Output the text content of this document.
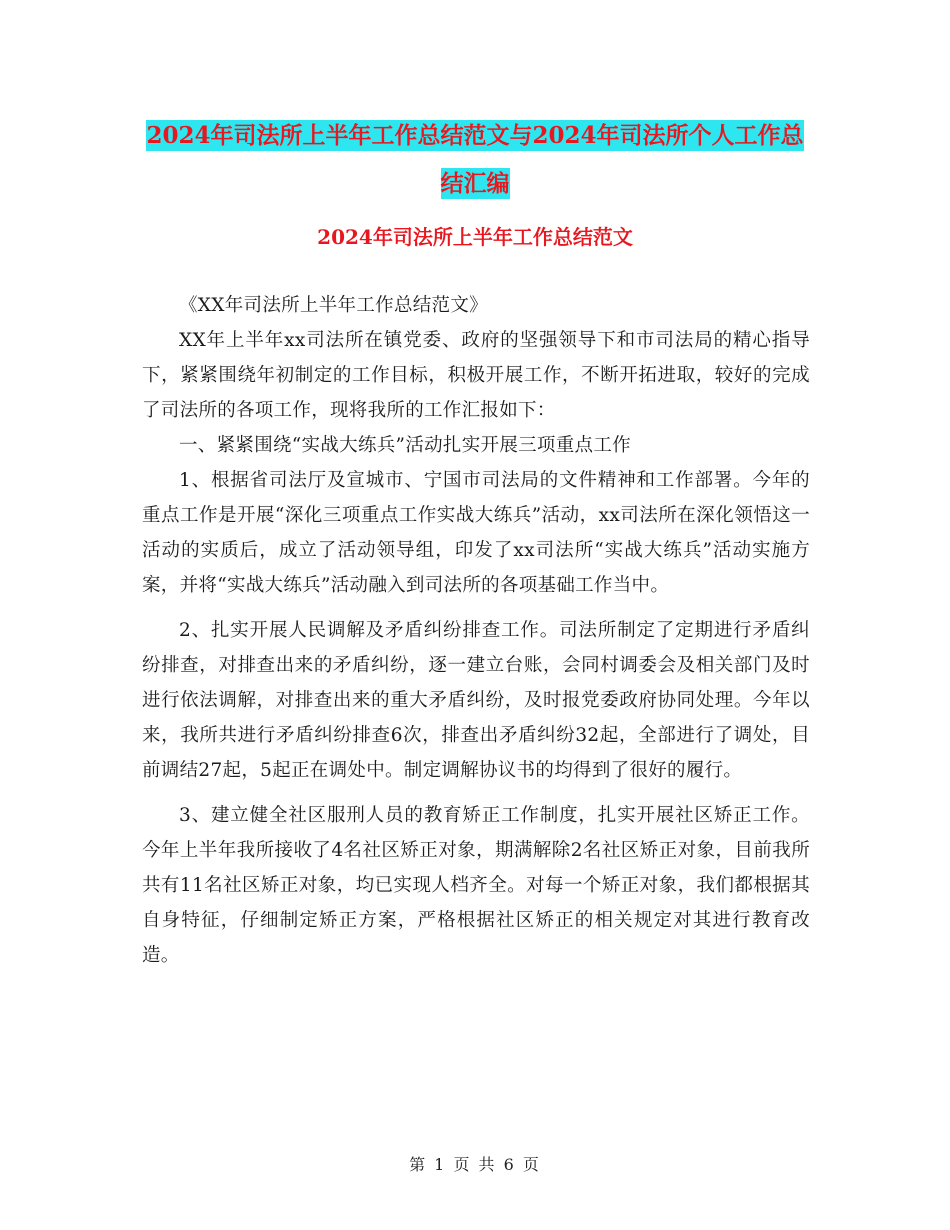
2024年司法所上半年工作总结范文与2024年司法所个人工作总结汇编
2024年司法所上半年工作总结范文

《XX年司法所上半年工作总结范文》

XX年上半年xx司法所在镇党委、政府的坚强领导下和市司法局的精心指导下，紧紧围绕年初制定的工作目标，积极开展工作，不断开拓进取，较好的完成了司法所的各项工作，现将我所的工作汇报如下：

一、紧紧围绕“实战大练兵”活动扎实开展三项重点工作

1、根据省司法厅及宣城市、宁国市司法局的文件精神和工作部署。今年的重点工作是开展“深化三项重点工作实战大练兵”活动，xx司法所在深化领悟这一活动的实质后，成立了活动领导组，印发了xx司法所“实战大练兵”活动实施方案，并将“实战大练兵”活动融入到司法所的各项基础工作当中。

2、扎实开展人民调解及矛盾纠纷排查工作。司法所制定了定期进行矛盾纠纷排查，对排查出来的矛盾纠纷，逐一建立台账，会同村调委会及相关部门及时进行依法调解，对排查出来的重大矛盾纠纷，及时报党委政府协同处理。今年以来，我所共进行矛盾纠纷排查6次，排查出矛盾纠纷32起，全部进行了调处，目前调结27起，5起正在调处中。制定调解协议书的均得到了很好的履行。

3、建立健全社区服刑人员的教育矫正工作制度，扎实开展社区矫正工作。今年上半年我所接收了4名社区矫正对象，期满解除2名社区矫正对象，目前我所共有11名社区矫正对象，均已实现人档齐全。对每一个矫正对象，我们都根据其自身特征，仔细制定矫正方案，严格根据社区矫正的相关规定对其进行教育改造。

第 1 页 共 6 页
